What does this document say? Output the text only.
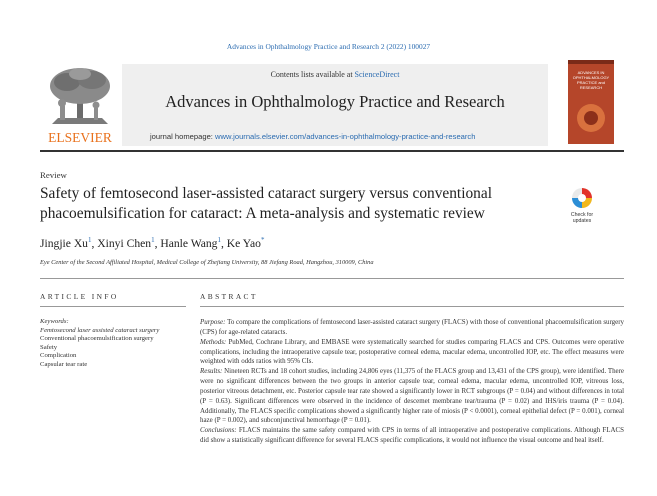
Advances in Ophthalmology Practice and Research 2 (2022) 100027
ELSEVIER
Contents lists available at ScienceDirect
Advances in Ophthalmology Practice and Research
journal homepage: www.journals.elsevier.com/advances-in-ophthalmology-practice-and-research
ADVANCES IN OPHTHALMOLOGY PRACTICE and RESEARCH
Review
Safety of femtosecond laser-assisted cataract surgery versus conventional phacoemulsification for cataract: A meta-analysis and systematic review	Check for
updates
Jingjie Xu$^1$, Xinyi Chen$^1$, Hanle Wang$^1$, Ke Yao*
Eye Center of the Second Affiliated Hospital, Medical College of Zhejiang University, 88 Jiefang Road, Hangzhou, 310009, China
ARTICLE INFO
Keywords:
Femtosecond laser assisted cataract surgery
Conventional phacoemulsification surgery
Safety
Complication
Capsular tear rate
ABSTRACT

Purpose: To compare the complications of femtosecond laser-assisted cataract surgery (FLACS) with those of conventional phacoemulsification surgery (CPS) for age-related cataracts.

Methods: PubMed, Cochrane Library, and EMBASE were systematically searched for studies comparing FLACS and CPS. Outcomes were operative complications, including the intraoperative capsule tear, postoperative corneal edema, macular edema, uncontrolled IOP, etc. The effect measures were weighted with odds ratios with 95% CIs.

Results: Nineteen RCTs and 18 cohort studies, including 24,806 eyes (11,375 of the FLACS group and 13,431 of the CPS group), were identified. There were no significant differences between the two groups in anterior capsule tear, corneal edema, macular edema, uncontrolled IOP, vitreous loss, posterior vitreous detachment, etc. Posterior capsule tear rate showed a significantly lower in RCT subgroups (P = 0.04) and without differences in total (P = 0.63). Significant differences were observed in the incidence of descemet membrane tear/trauma (P = 0.02) and IHS/iris trauma (P = 0.04). Additionally, The FLACS specific complications showed a significantly higher rate of miosis (P < 0.0001), corneal epithelial defect (P = 0.001), corneal haze (P = 0.002), and subconjunctival hemorrhage (P = 0.01).

Conclusions: FLACS maintains the same safety compared with CPS in terms of all intraoperative and postoperative complications. Although FLACS did show a statistically significant difference for several FLACS specific complications, it would not influence the visual outcome and heal itself.
